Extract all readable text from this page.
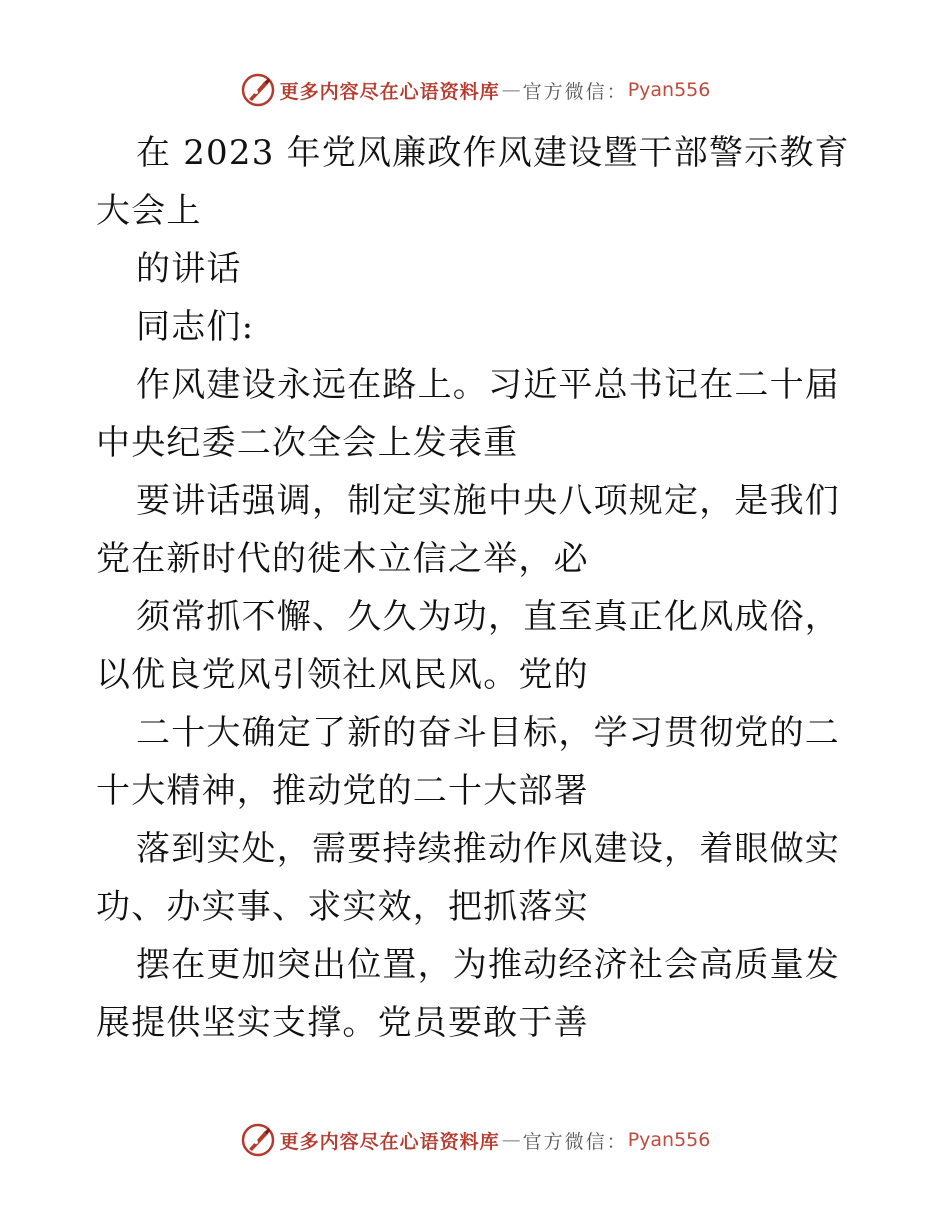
更多内容尽在心语资料库 — 官方微信： Pyan556

在 2023 年党风廉政作风建设暨干部警示教育大会上

的讲话

同志们:

作风建设永远在路上。习近平总书记在二十届中央纪委二次全会上发表重

要讲话强调，制定实施中央八项规定，是我们党在新时代的徙木立信之举，必

须常抓不懈、久久为功，直至真正化风成俗，以优良党风引领社风民风。党的

二十大确定了新的奋斗目标，学习贯彻党的二十大精神，推动党的二十大部署

落到实处，需要持续推动作风建设，着眼做实功、办实事、求实效，把抓落实

摆在更加突出位置，为推动经济社会高质量发展提供坚实支撑。党员要敢于善

更多内容尽在心语资料库 — 官方微信： Pyan556
